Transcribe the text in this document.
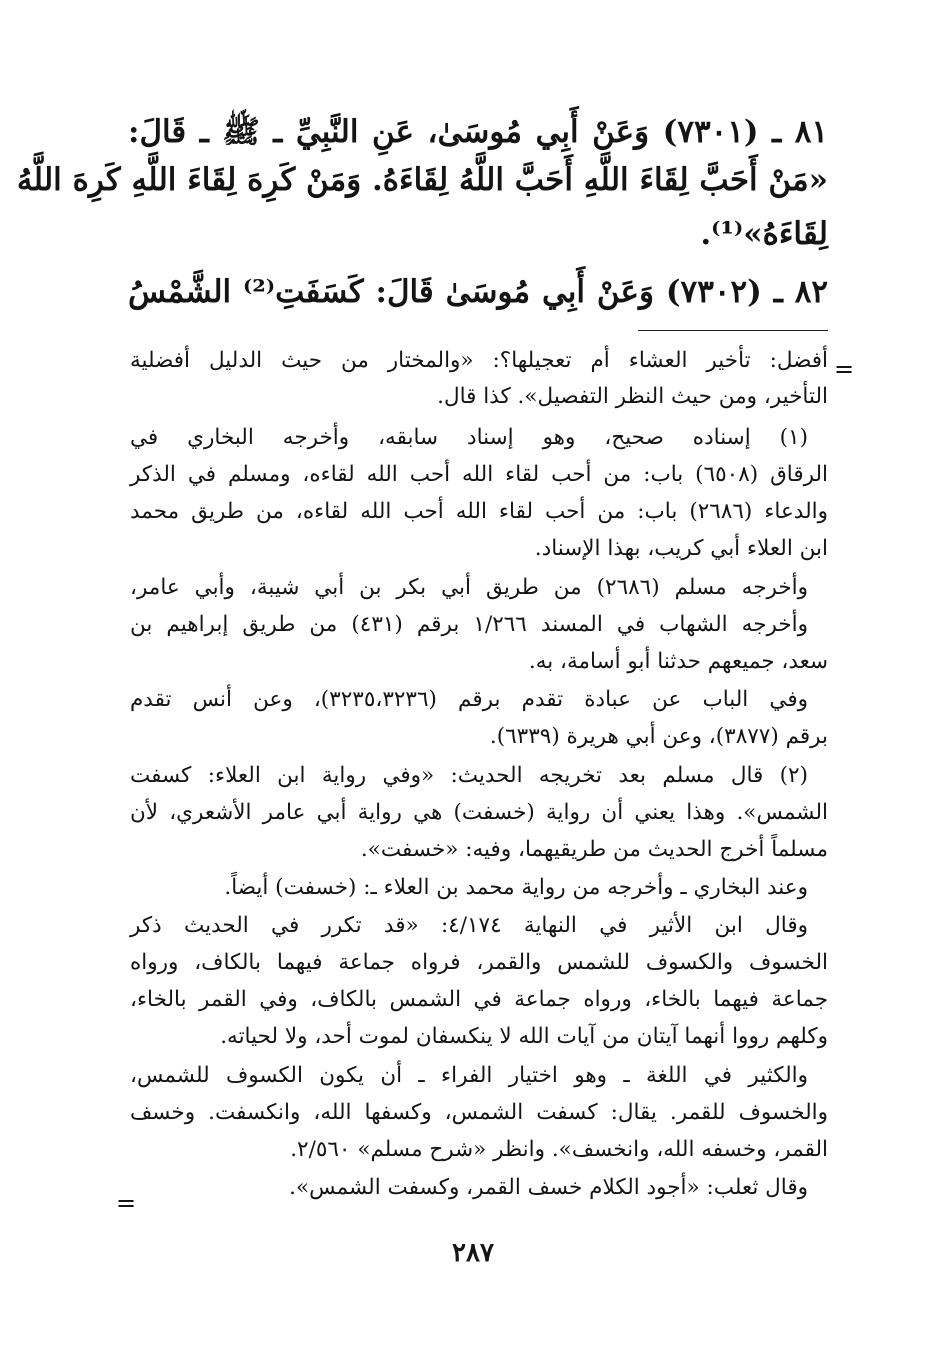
٨١ ـ (٧٣٠١) وَعَنْ أَبِي مُوسَىٰ، عَنِ النَّبِيِّ ـ ﷺ ـ قَالَ:

«مَنْ أَحَبَّ لِقَاءَ اللَّهِ أَحَبَّ اللَّهُ لِقَاءَهُ. وَمَنْ كَرِهَ لِقَاءَ اللَّهِ كَرِهَ اللَّهُ

لِقَاءَهُ»⁽¹⁾.

٨٢ ـ (٧٣٠٢) وَعَنْ أَبِي مُوسَىٰ قَالَ: كَسَفَتِ⁽²⁾ الشَّمْسُ

=

أفضل: تأخير العشاء أم تعجيلها؟: «والمختار من حيث الدليل أفضلية

التأخير، ومن حيث النظر التفصيل». كذا قال.

(١) إسناده صحيح، وهو إسناد سابقه، وأخرجه البخاري في

الرقاق (٦٥٠٨) باب: من أحب لقاء الله أحب الله لقاءه، ومسلم في الذكر

والدعاء (٢٦٨٦) باب: من أحب لقاء الله أحب الله لقاءه، من طريق محمد

ابن العلاء أبي كريب، بهذا الإسناد.

وأخرجه مسلم (٢٦٨٦) من طريق أبي بكر بن أبي شيبة، وأبي عامر،

وأخرجه الشهاب في المسند ١/٢٦٦ برقم (٤٣١) من طريق إبراهيم بن

سعد، جميعهم حدثنا أبو أسامة، به.

وفي الباب عن عبادة تقدم برقم (٣٢٣٥،٣٢٣٦)، وعن أنس تقدم

برقم (٣٨٧٧)، وعن أبي هريرة (٦٣٣٩).

(٢) قال مسلم بعد تخريجه الحديث: «وفي رواية ابن العلاء: كسفت

الشمس». وهذا يعني أن رواية (خسفت) هي رواية أبي عامر الأشعري، لأن

مسلماً أخرج الحديث من طريقيهما، وفيه: «خسفت».

وعند البخاري ـ وأخرجه من رواية محمد بن العلاء ـ: (خسفت) أيضاً.

وقال ابن الأثير في النهاية ٤/١٧٤: «قد تكرر في الحديث ذكر

الخسوف والكسوف للشمس والقمر، فرواه جماعة فيهما بالكاف، ورواه

جماعة فيهما بالخاء، ورواه جماعة في الشمس بالكاف، وفي القمر بالخاء،

وكلهم رووا أنهما آيتان من آيات الله لا ينكسفان لموت أحد، ولا لحياته.

والكثير في اللغة ـ وهو اختيار الفراء ـ أن يكون الكسوف للشمس،

والخسوف للقمر. يقال: كسفت الشمس، وكسفها الله، وانكسفت. وخسف

القمر، وخسفه الله، وانخسف». وانظر «شرح مسلم» ٢/٥٦٠.

وقال ثعلب: «أجود الكلام خسف القمر، وكسفت الشمس».

=
٢٨٧
